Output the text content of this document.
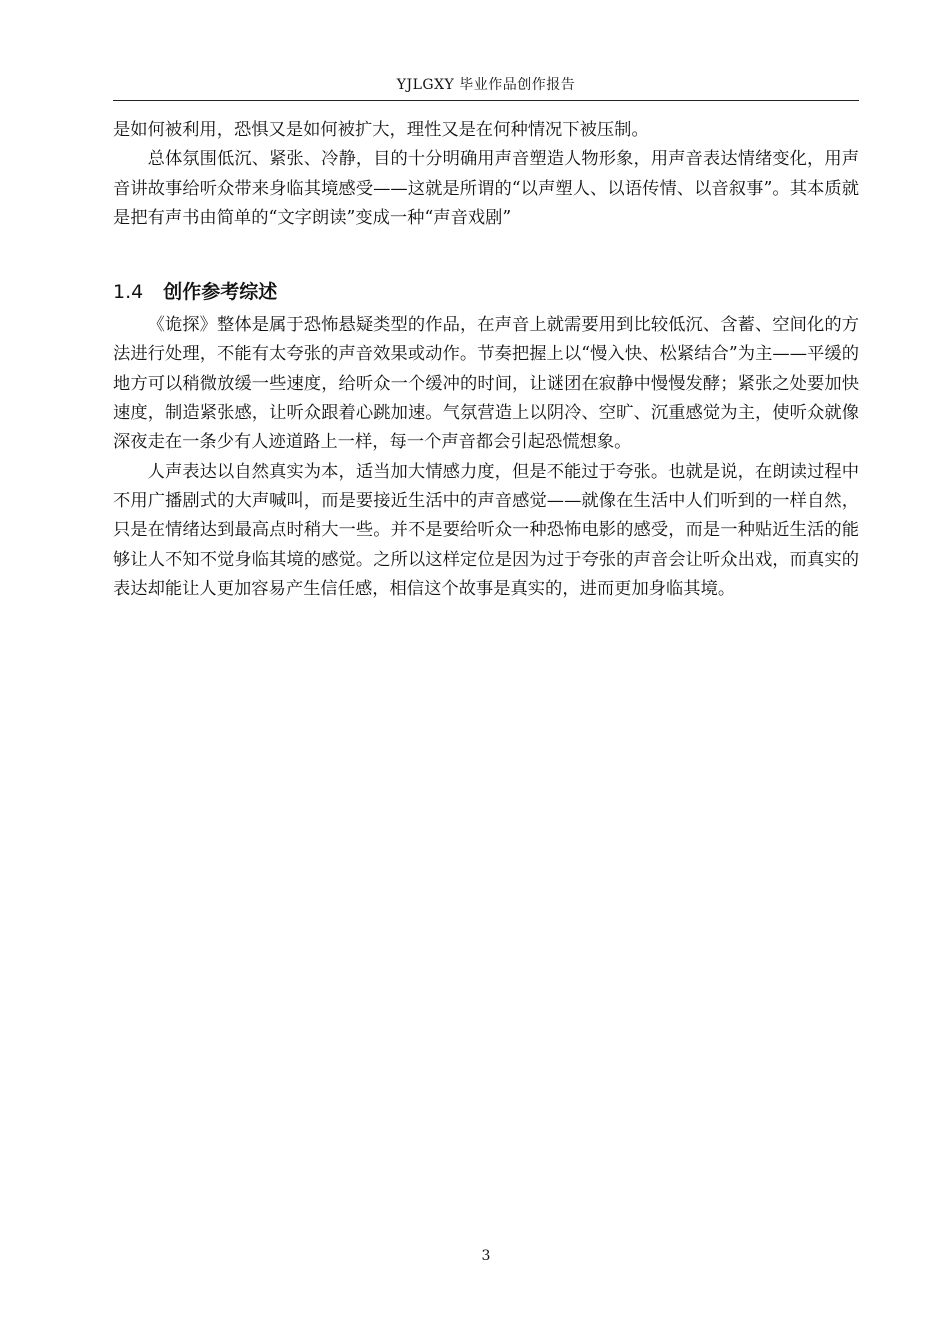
YJLGXY 毕业作品创作报告

是如何被利用，恐惧又是如何被扩大，理性又是在何种情况下被压制。

总体氛围低沉、紧张、冷静，目的十分明确用声音塑造人物形象，用声音表达情绪变化，用声音讲故事给听众带来身临其境感受——这就是所谓的“以声塑人、以语传情、以音叙事”。其本质就是把有声书由简单的“文字朗读”变成一种“声音戏剧”

1.4 创作参考综述

《诡探》整体是属于恐怖悬疑类型的作品，在声音上就需要用到比较低沉、含蓄、空间化的方法进行处理，不能有太夸张的声音效果或动作。节奏把握上以“慢入快、松紧结合”为主——平缓的地方可以稍微放缓一些速度，给听众一个缓冲的时间，让谜团在寂静中慢慢发酵；紧张之处要加快速度，制造紧张感，让听众跟着心跳加速。气氛营造上以阴冷、空旷、沉重感觉为主，使听众就像深夜走在一条少有人迹道路上一样，每一个声音都会引起恐慌想象。

人声表达以自然真实为本，适当加大情感力度，但是不能过于夸张。也就是说，在朗读过程中不用广播剧式的大声喊叫，而是要接近生活中的声音感觉——就像在生活中人们听到的一样自然，只是在情绪达到最高点时稍大一些。并不是要给听众一种恐怖电影的感受，而是一种贴近生活的能够让人不知不觉身临其境的感觉。之所以这样定位是因为过于夸张的声音会让听众出戏，而真实的表达却能让人更加容易产生信任感，相信这个故事是真实的，进而更加身临其境。

3
